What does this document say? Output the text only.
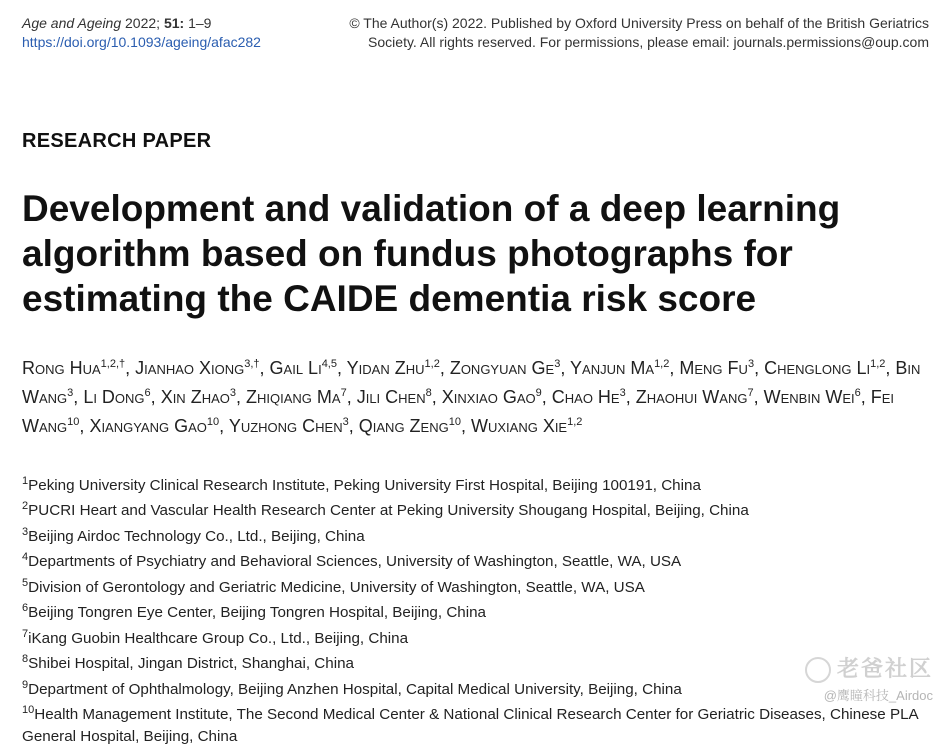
Age and Ageing 2022; 51: 1–9
https://doi.org/10.1093/ageing/afac282
© The Author(s) 2022. Published by Oxford University Press on behalf of the British Geriatrics Society. All rights reserved. For permissions, please email: journals.permissions@oup.com
RESEARCH PAPER
Development and validation of a deep learning algorithm based on fundus photographs for estimating the CAIDE dementia risk score
Rong Hua$^{1,2,\dagger}$, Jianhao Xiong$^{3,\dagger}$, Gail Li$^{4,5}$, Yidan Zhu$^{1,2}$, Zongyuan Ge$^3$, Yanjun Ma$^{1,2}$, Meng Fu$^3$, Chenglong Li$^{1,2}$, Bin Wang$^3$, Li Dong$^6$, Xin Zhao$^3$, Zhiqiang Ma$^7$, Jili Chen$^8$, Xinxiao Gao$^9$, Chao He$^3$, Zhaohui Wang$^7$, Wenbin Wei$^6$, Fei Wang$^{10}$, Xiangyang Gao$^{10}$, Yuzhong Chen$^3$, Qiang Zeng$^{10}$, Wuxiang Xie$^{1,2}$
$^1$Peking University Clinical Research Institute, Peking University First Hospital, Beijing 100191, China
$^2$PUCRI Heart and Vascular Health Research Center at Peking University Shougang Hospital, Beijing, China
$^3$Beijing Airdoc Technology Co., Ltd., Beijing, China
$^4$Departments of Psychiatry and Behavioral Sciences, University of Washington, Seattle, WA, USA
$^5$Division of Gerontology and Geriatric Medicine, University of Washington, Seattle, WA, USA
$^6$Beijing Tongren Eye Center, Beijing Tongren Hospital, Beijing, China
$^7$iKang Guobin Healthcare Group Co., Ltd., Beijing, China
$^8$Shibei Hospital, Jingan District, Shanghai, China
$^9$Department of Ophthalmology, Beijing Anzhen Hospital, Capital Medical University, Beijing, China
$^{10}$Health Management Institute, The Second Medical Center & National Clinical Research Center for Geriatric Diseases, Chinese PLA General Hospital, Beijing, China
老爸社区
@鹰瞳科技_Airdoc
